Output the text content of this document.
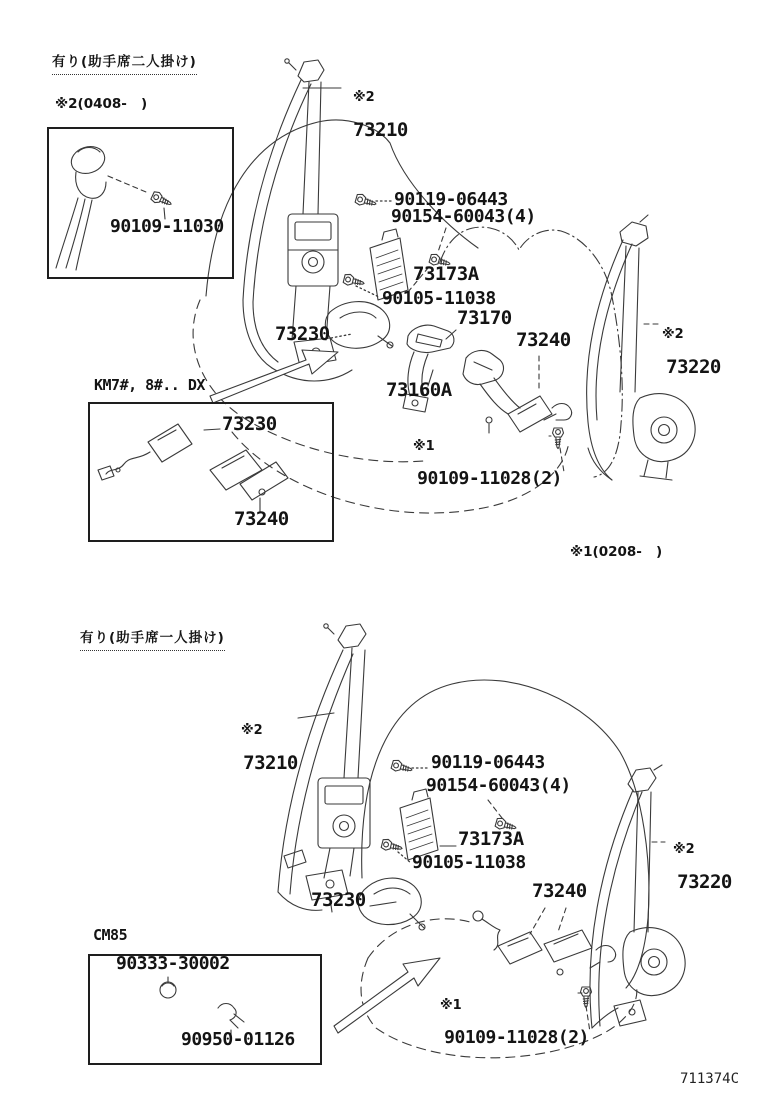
有り(助手席二人掛け)
※2(0408-   )
90109-11030

※2

73210

90119-06443
90154-60043(4)
73173A
90105-11038
73230
73170
73240
73160A

※1

90109-11028(2)

※2

73220

KM7#, 8#.. DX
73230
73240
※1(0208-   )
有り(助手席一人掛け)

※2

73210	90119-06443
90154-60043(4)
73173A
90105-11038
73230	73240

※1

90109-11028(2)

※2

73220

CM85
90333-30002
90950-01126
711374C
